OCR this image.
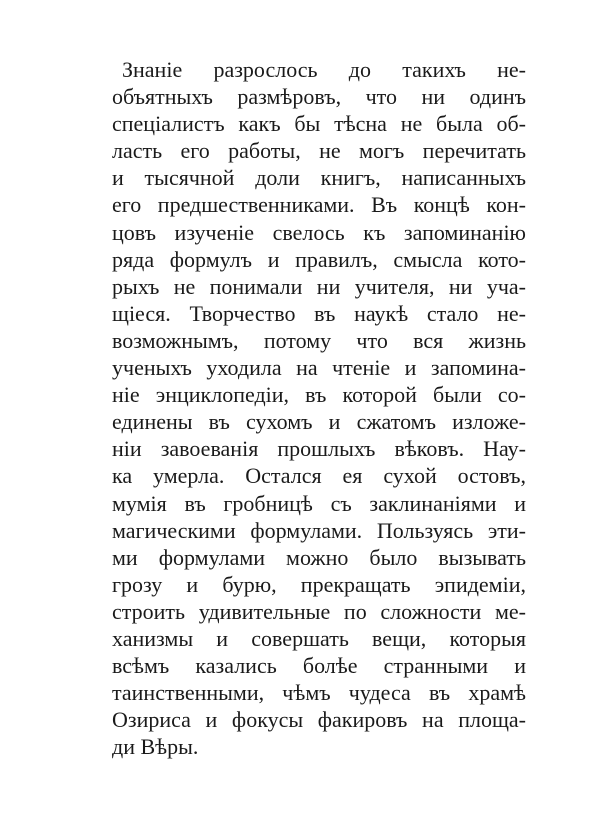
Знаніе разрослось до такихъ не-
объятныхъ размѣровъ, что ни одинъ
спеціалистъ какъ бы тѣсна не была об-
ласть его работы, не могъ перечитать
и тысячной доли книгъ, написанныхъ
его предшественниками. Въ концѣ кон-
цовъ изученіе свелось къ запоминанію
ряда формулъ и правилъ, смысла кото-
рыхъ не понимали ни учителя, ни уча-
щіеся. Творчество въ наукѣ стало не-
возможнымъ, потому что вся жизнь
ученыхъ уходила на чтеніе и запомина-
ніе энциклопедіи, въ которой были со-
единены въ сухомъ и сжатомъ изложе-
ніи завоеванія прошлыхъ вѣковъ. Нау-
ка умерла. Остался ея сухой остовъ,
мумія въ гробницѣ съ заклинаніями и
магическими формулами. Пользуясь эти-
ми формулами можно было вызывать
грозу и бурю, прекращать эпидеміи,
строить удивительные по сложности ме-
ханизмы и совершать вещи, которыя
всѣмъ казались болѣе странными и
таинственными, чѣмъ чудеса въ храмѣ
Озириса и фокусы факировъ на площа-
ди Вѣры.
